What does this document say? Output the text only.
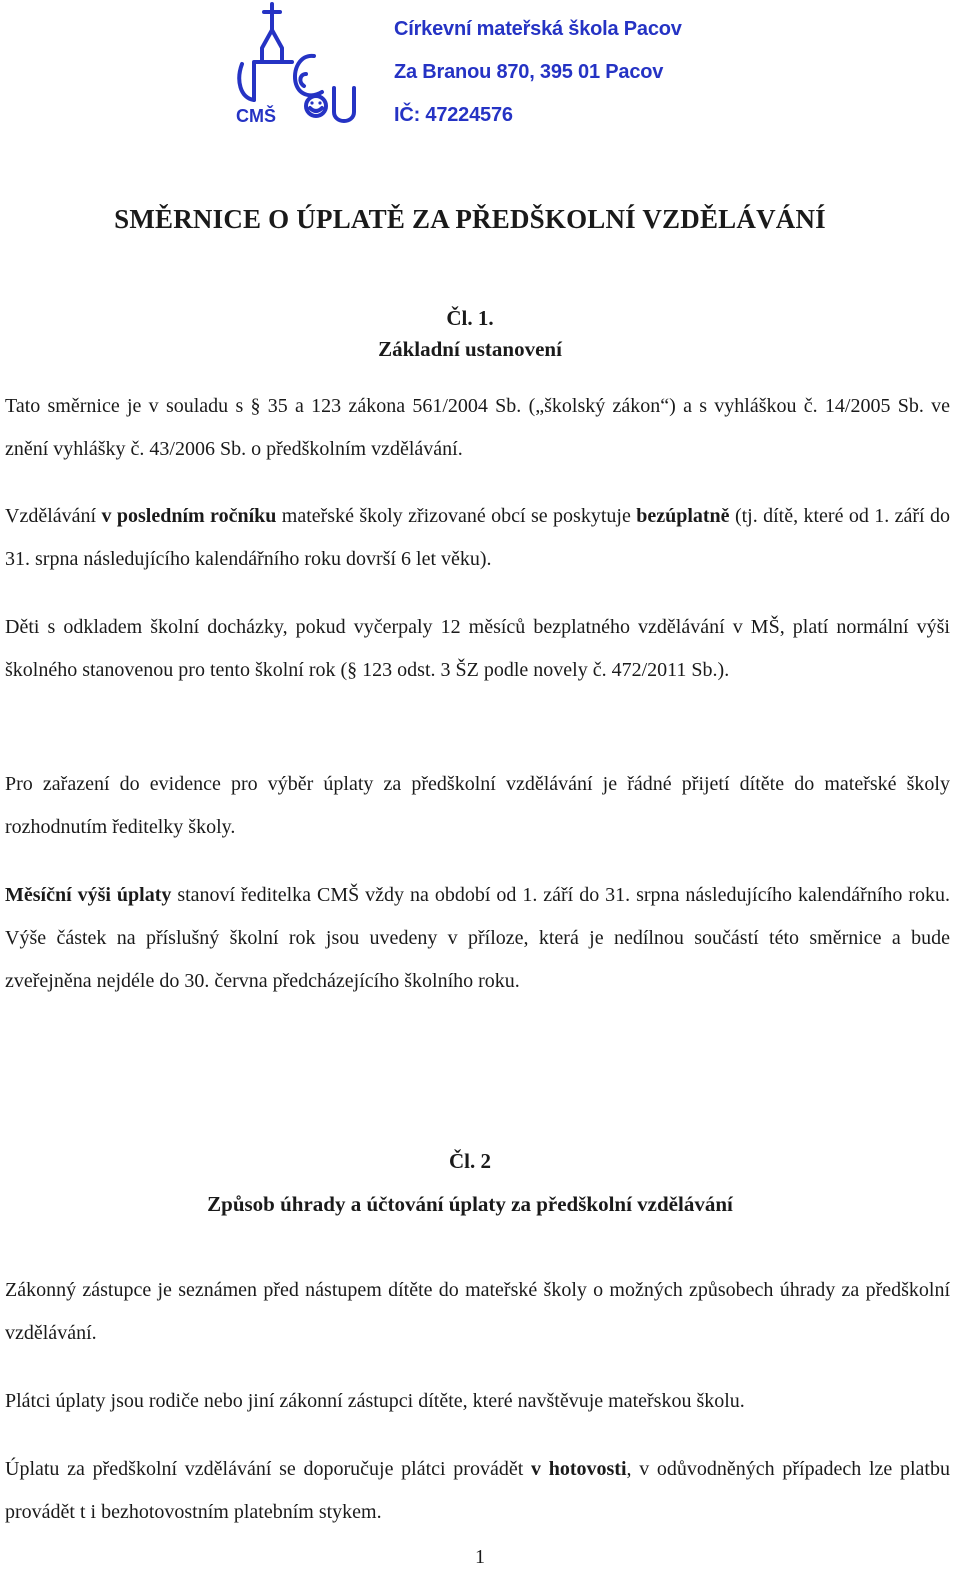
CMŠ
Církevní mateřská škola Pacov
Za Branou 870, 395 01 Pacov
IČ: 47224576
SMĚRNICE O ÚPLATĚ ZA PŘEDŠKOLNÍ VZDĚLÁVÁNÍ
Čl. 1.
Základní ustanovení
Tato směrnice je v souladu s § 35 a 123 zákona 561/2004 Sb. („školský zákon“) a s vyhláškou č. 14/2005 Sb. ve znění vyhlášky č. 43/2006 Sb. o předškolním vzdělávání.
Vzdělávání v posledním ročníku mateřské školy zřizované obcí se poskytuje bezúplatně (tj. dítě, které od 1. září do 31. srpna následujícího kalendářního roku dovrší 6 let věku).
Děti s odkladem školní docházky, pokud vyčerpaly 12 měsíců bezplatného vzdělávání v MŠ, platí normální výši školného stanovenou pro tento školní rok (§ 123 odst. 3 ŠZ podle novely č. 472/2011 Sb.).
Pro zařazení do evidence pro výběr úplaty za předškolní vzdělávání je řádné přijetí dítěte do mateřské školy rozhodnutím ředitelky školy.
Měsíční výši úplaty stanoví ředitelka CMŠ vždy na období od 1. září do 31. srpna následujícího kalendářního roku. Výše částek na příslušný školní rok jsou uvedeny v příloze, která je nedílnou součástí této směrnice a bude zveřejněna nejdéle do 30. června předcházejícího školního roku.
Čl. 2
Způsob úhrady a účtování úplaty za předškolní vzdělávání
Zákonný zástupce je seznámen před nástupem dítěte do mateřské školy o možných způsobech úhrady za předškolní vzdělávání.
Plátci úplaty jsou rodiče nebo jiní zákonní zástupci dítěte, které navštěvuje mateřskou školu.
Úplatu za předškolní vzdělávání se doporučuje plátci provádět v hotovosti, v odůvodněných případech lze platbu provádět t i bezhotovostním platebním stykem.
1
